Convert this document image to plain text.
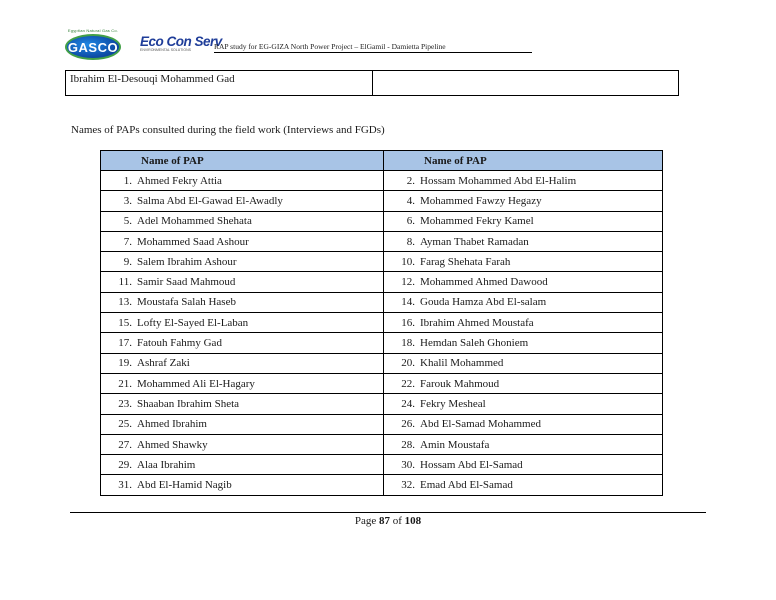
Egyptian Natural Gas Co.
GASCO Eco Con Serv
ENVIRONMENTAL SOLUTIONS	RAP study for EG-GIZA North Power Project – ElGamil - Damietta Pipeline
Ibrahim El-Desouqi Mohammed Gad
Names of PAPs consulted during the field work (Interviews and FGDs)
Name of PAP	Name of PAP
1. Ahmed Fekry Attia	2. Hossam Mohammed Abd El-Halim
3. Salma Abd El-Gawad El-Awadly	4. Mohammed Fawzy Hegazy
5. Adel Mohammed Shehata	6. Mohammed Fekry Kamel
7. Mohammed Saad Ashour	8. Ayman Thabet Ramadan
9. Salem Ibrahim Ashour	10. Farag Shehata Farah
11. Samir Saad Mahmoud	12. Mohammed Ahmed Dawood
13. Moustafa Salah Haseb	14. Gouda Hamza Abd El-salam
15. Lofty El-Sayed El-Laban	16. Ibrahim Ahmed Moustafa
17. Fatouh Fahmy Gad	18. Hemdan Saleh Ghoniem
19. Ashraf Zaki	20. Khalil Mohammed
21. Mohammed Ali El-Hagary	22. Farouk Mahmoud
23. Shaaban Ibrahim Sheta	24. Fekry Mesheal
25. Ahmed Ibrahim	26. Abd El-Samad Mohammed
27. Ahmed Shawky	28. Amin Moustafa
29. Alaa Ibrahim	30. Hossam Abd El-Samad
31. Abd El-Hamid Nagib	32. Emad Abd El-Samad
Page 87 of 108
